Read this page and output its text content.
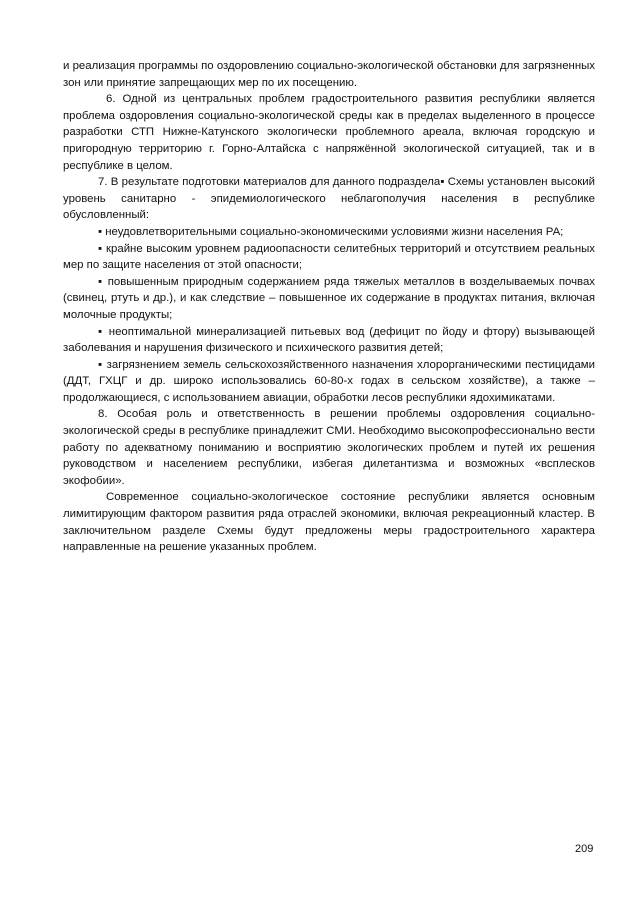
и реализация программы по оздоровлению социально-экологической обстановки для загрязненных зон или принятие запрещающих мер по их посещению.

6. Одной из центральных проблем градостроительного развития республики является проблема оздоровления социально-экологической среды как в пределах выделенного в процессе разработки СТП Нижне-Катунского экологически проблемного ареала, включая городскую и пригородную территорию г. Горно-Алтайска с напряжённой экологической ситуацией, так и в республике в целом.

7. В результате подготовки материалов для данного подраздела▪ Схемы установлен высокий уровень санитарно - эпидемиологического неблагополучия населения в республике обусловленный:

▪ неудовлетворительными социально-экономическими условиями жизни населения РА;

▪ крайне высоким уровнем радиоопасности селитебных территорий и отсутствием реальных мер по защите населения от этой опасности;

▪ повышенным природным содержанием ряда тяжелых металлов в возделываемых почвах (свинец, ртуть и др.), и как следствие – повышенное их содержание в продуктах питания, включая молочные продукты;

▪ неоптимальной минерализацией питьевых вод (дефицит по йоду и фтору) вызывающей заболевания и нарушения физического и психического развития детей;

▪ загрязнением земель сельскохозяйственного назначения хлорорганическими пестицидами (ДДТ, ГХЦГ и др. широко использовались 60-80-х годах в сельском хозяйстве), а также – продолжающиеся, с использованием авиации, обработки лесов республики ядохимикатами.

8. Особая роль и ответственность в решении проблемы оздоровления социально-экологической среды в республике принадлежит СМИ. Необходимо высокопрофессионально вести работу по адекватному пониманию и восприятию экологических проблем и путей их решения руководством и населением республики, избегая дилетантизма и возможных «всплесков экофобии».

Современное социально-экологическое состояние республики является основным лимитирующим фактором развития ряда отраслей экономики, включая рекреационный кластер. В заключительном разделе Схемы будут предложены меры градостроительного характера направленные на решение указанных проблем.

209
